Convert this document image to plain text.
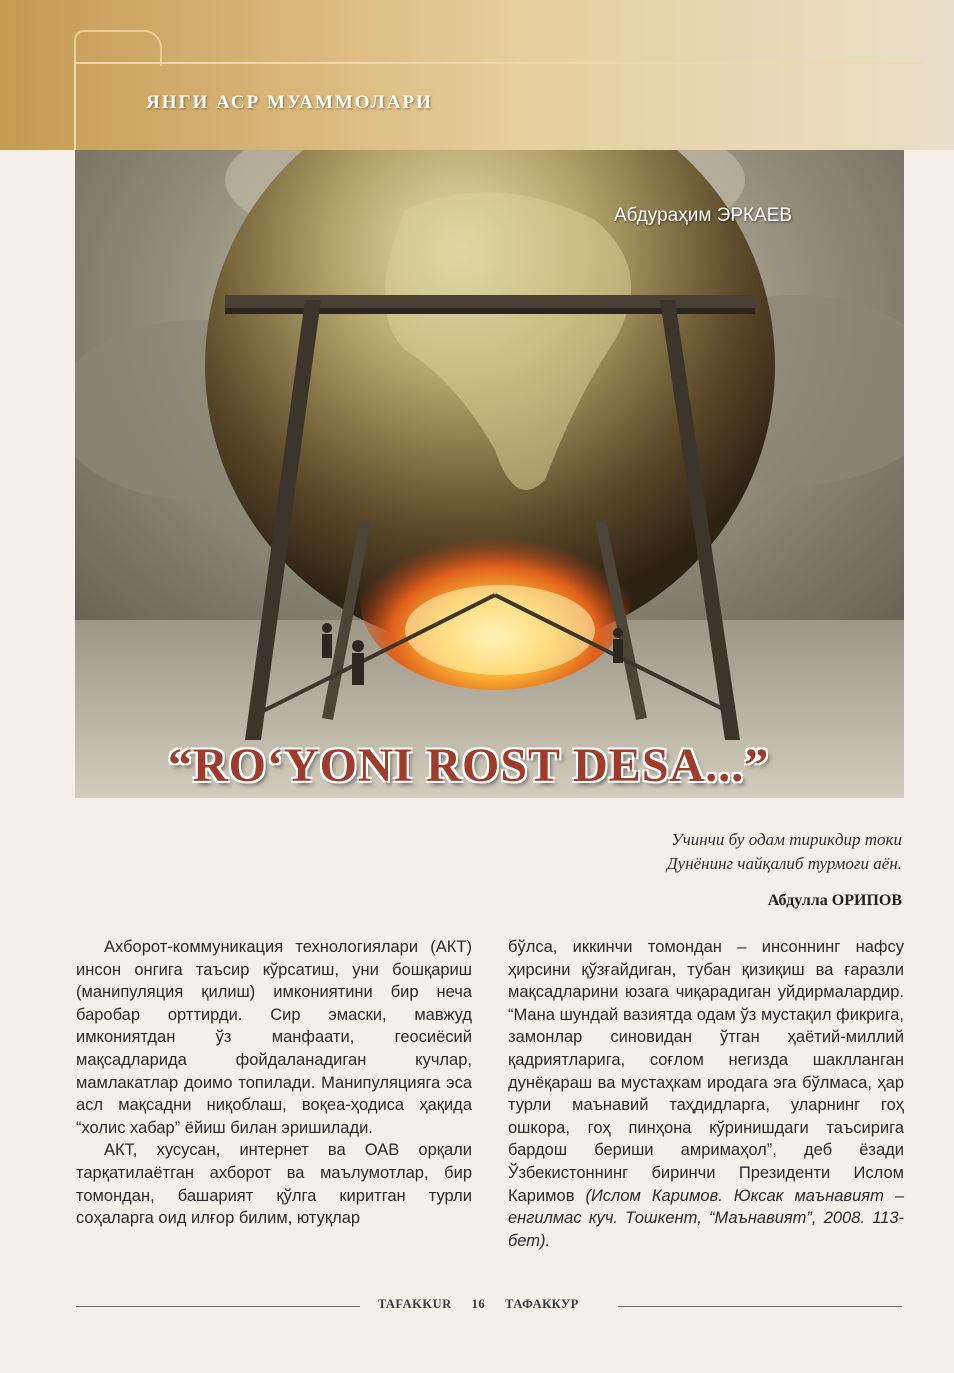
ЯНГИ АСР МУАММОЛАРИ
Абдураҳим ЭРКАЕВ
“RO‘YONI ROST DESA...”
Учинчи бу одам тирикдир токи
Дунёнинг чайқалиб турмоғи аён.
Абдулла ОРИПОВ

Ахборот-коммуникация технологиялари (АКТ) инсон онгига таъсир кўрсатиш, уни бошқариш (манипуляция қилиш) имкониятини бир неча баробар орттирди. Сир эмаски, мавжуд имкониятдан ўз манфаати, геосиёсий мақсадларида фойдаланадиган кучлар, мамлакатлар доимо топилади. Манипуляцияга эса асл мақсадни ниқоблаш, воқеа-ҳодиса ҳақида “холис хабар” ёйиш билан эришилади.

АКТ, хусусан, интернет ва ОАВ орқали тарқатилаётган ахборот ва маълумотлар, бир томондан, башарият қўлга киритган турли соҳаларга оид илғор билим, ютуқлар

бўлса, иккинчи томондан – инсоннинг нафсу ҳирсини қўзғайдиган, тубан қизиқиш ва ғаразли мақсадларини юзага чиқарадиган уйдирмалардир. “Мана шундай вазиятда одам ўз мустақил фикрига, замонлар синовидан ўтган ҳаётий-миллий қадриятларига, соғлом негизда шаклланган дунёқараш ва мустаҳкам иродага эга бўлмаса, ҳар турли маънавий таҳдидларга, уларнинг гоҳ ошкора, гоҳ пинҳона кўринишдаги таъсирига бардош бериши амримаҳол”, деб ёзади Ўзбекистоннинг биринчи Президенти Ислом Каримов (Ислом Каримов. Юксак маънавият – енгилмас куч. Тошкент, “Маънавият”, 2008. 113-бет).

TAFAKKUR 16 ТАФАККУР
